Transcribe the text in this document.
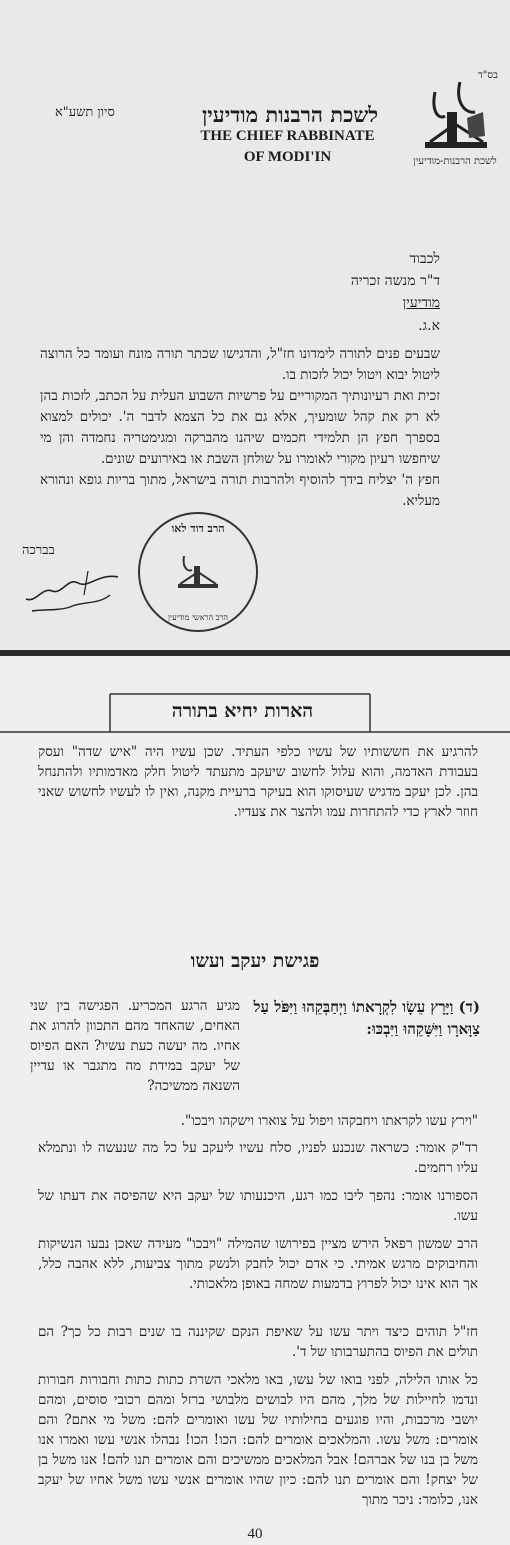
בס"ד
לשכת הרבנות-מודיעין
לשכת הרבנות מודיעין
THE CHIEF RABBINATE
OF MODI'IN
סיון תשע"א
לכבוד
ד"ר מנשה זכריה
מודיעין
א.ג.

שבעים פנים לתורה לימדונו חז"ל, והדגישו שכתר תורה מונח ועומד כל הרוצה ליטול יבוא ויטול יכול לזכות בו.

זכית ואת רעיונותיך המקוריים על פרשיות השבוע העלית על הכתב, לזכות בהן לא רק את קהל שומעיך, אלא גם את כל הצמא לדבר ה'. יכולים למצוא בספרך חפץ הן תלמידי חכמים שיהנו מהברקה ומגימטריה נחמדה והן מי שיחפשו רעיון מקורי לאומרו על שולחן השבת או באירועים שונים.

חפץ ה' יצליח בידך להוסיף ולהרבות תורה בישראל, מתוך בריות גופא ונהורא מעליא.

הרב דוד לאו
הרב הראשי מודיעין
בברכה
הארות יחיא בתורה
להרגיע את חששותיו של עשיו כלפי העתיד. שכן עשיו היה "איש שדה" ועסק בעבודת האדמה, והוא עלול לחשוב שיעקב מתעתד ליטול חלק מאדמותיו ולהתנחל בהן. לכן יעקב מדגיש שעיסוקו הוא בעיקר ברעיית מקנה, ואין לו לעשיו לחשוש שאני חוזר לארץ כדי להתחרות עמו ולהצר את צעדיו.
פגישת יעקב ועשו
(ד) וַיָּרָץ עֵשָׂו לִקְרָאתוֹ וַיְחַבְּקֵהוּ וַיִּפֹּל עַל צַוָּארָו וַיִּשָּׁקֵהוּ וַיִּבְכּוּ:
מגיע הרגע המכריע. הפגישה בין שני האחים, שהאחד מהם התכוון להרוג את אחיו. מה יעשה כעת עשיו? האם הפיוס של יעקב במידת מה מתגבר או עדיין השנאה ממשיכה?
"וירץ עשו לקראתו ויחבקהו ויפול על צוארו וישקהו ויבכו".
רד"ק אומר: כשראה שנכנע לפניו, סלח עשיו ליעקב על כל מה שנעשה לו ונתמלא עליו רחמים.
הספורנו אומר: נהפך ליבו כמו רגע, היכנעותו של יעקב היא שהפיסה את דעתו של עשו.
הרב שמשון רפאל הירש מציין בפירושו שהמילה "ויבכו" מעידה שאכן נבעו הנשיקות והחיבוקים מרגש אמיתי. כי אדם יכול לחבק ולנשק מתוך צביעות, ללא אהבה כלל, אך הוא אינו יכול לפרוץ בדמעות שמחה באופן מלאכותי.
חז"ל תוהים כיצד ויתר עשו על שאיפת הנקם שקיננה בו שנים רבות כל כך? הם תולים את הפיוס בהתערבותו של ד'.
כל אותו הלילה, לפני בואו של עשו, באו מלאכי השרת כתות כתות וחבורות חבורות ונדמו לחיילות של מלך, מהם היו לבושים מלבושי ברזל ומהם רכובי סוסים, ומהם יושבי מרכבות, והיו פוגעים בחילותיו של עשו ואומרים להם: משל מי אתם? והם אומרים: משל עשו. והמלאכים אומרים להם: הכו! הכו! נבהלו אנשי עשו ואמרו אנו משל בן בנו של אברהם! אבל המלאכים ממשיכים והם אומרים תנו להם! אנו משל בן של יצחק! והם אומרים תנו להם: כיון שהיו אומרים אנשי עשו משל אחיו של יעקב אנו, כלומר: ניכר מתוך
40
